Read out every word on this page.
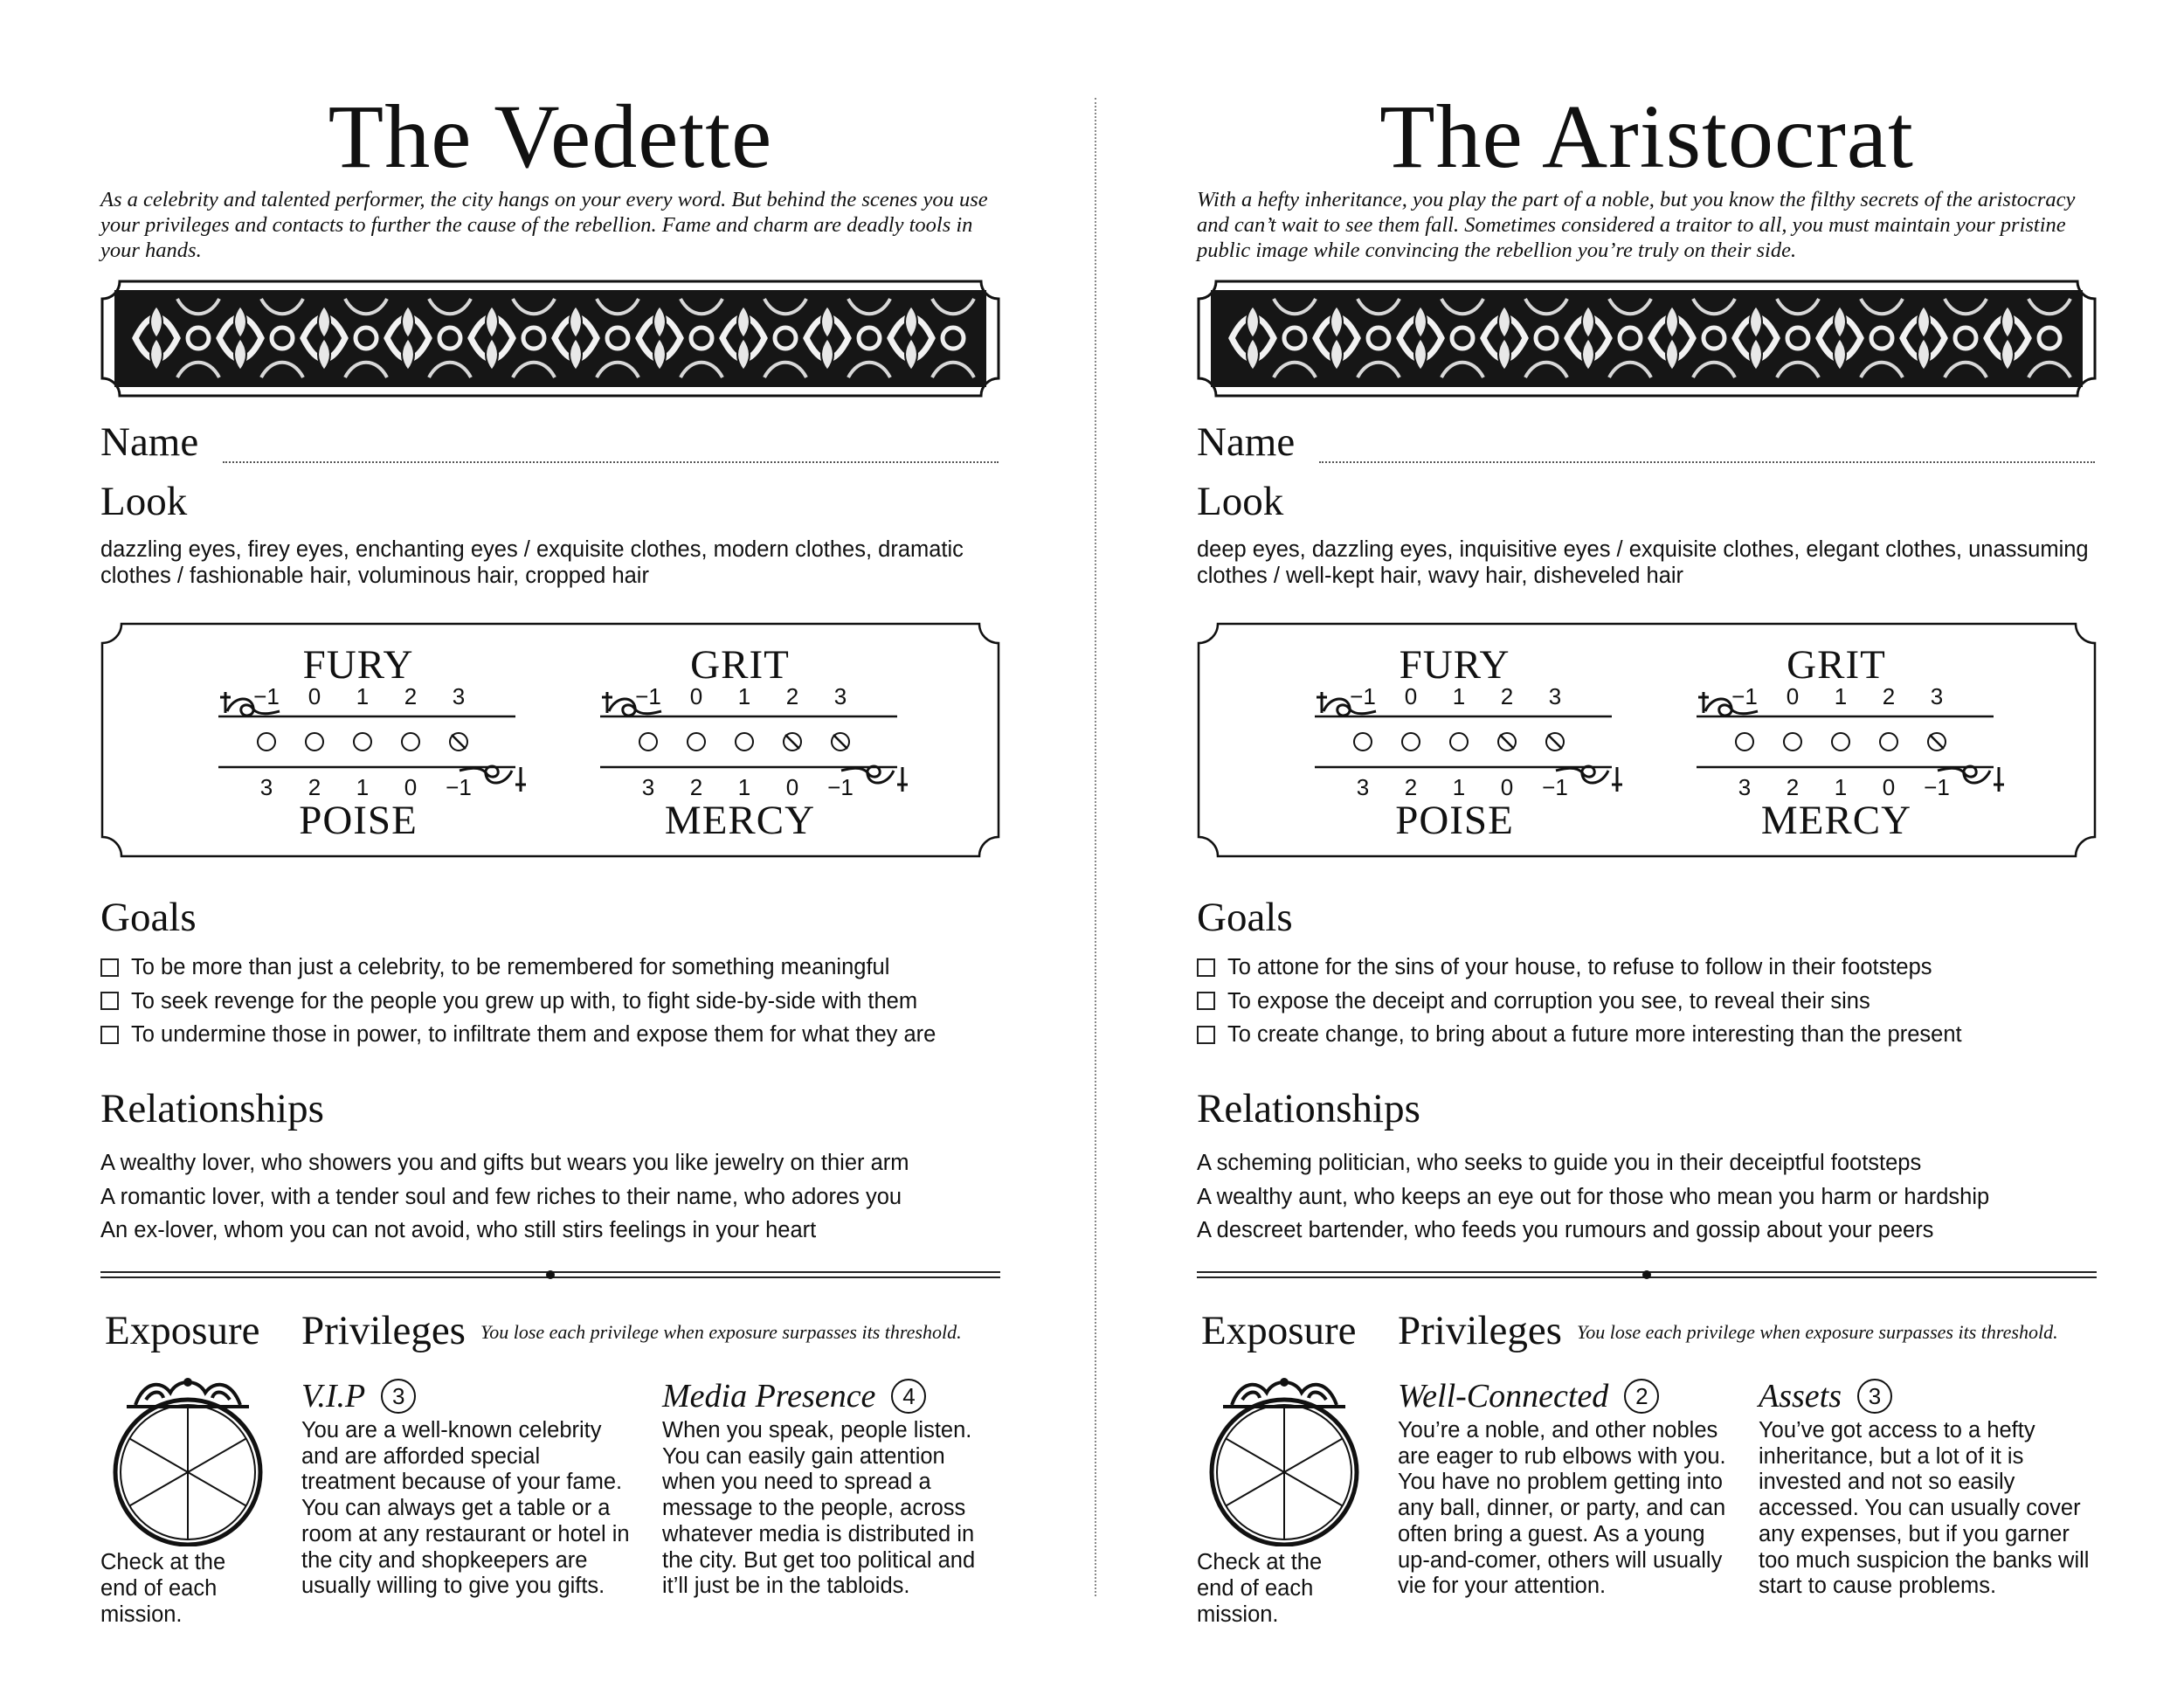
The Vedette
As a celebrity and talented performer, the city hangs on your every word. But behind the scenes you use your privileges and contacts to further the cause of the rebellion. Fame and charm are deadly tools in your hands.
Name
Look
dazzling eyes, firey eyes, enchanting eyes / exquisite clothes, modern clothes, dramatic clothes / fashionable hair, voluminous hair, cropped hair
FURY
POISE
−1	0	1	2	3
3	2	1	0	−1
GRIT
MERCY
−1	0	1	2	3
3	2	1	0	−1
Goals
To be more than just a celebrity, to be remembered for something meaningful
To seek revenge for the people you grew up with, to fight side-by-side with them
To undermine those in power, to infiltrate them and expose them for what they are
Relationships
A wealthy lover, who showers you and gifts but wears you like jewelry on thier arm
A romantic lover, with a tender soul and few riches to their name, who adores you
An ex-lover, whom you can not avoid, who still stirs feelings in your heart
Exposure
Check at the end of each mission.
Privileges You lose each privilege when exposure surpasses its threshold.
V.I.P	3
You are a well-known celebrity and are afforded special treatment because of your fame. You can always get a table or a room at any restaurant or hotel in the city and shopkeepers are usually willing to give you gifts.
Media Presence	4
When you speak, people listen. You can easily gain attention when you need to spread a message to the people, across whatever media is distributed in the city. But get too political and it’ll just be in the tabloids.
The Aristocrat
With a hefty inheritance, you play the part of a noble, but you know the filthy secrets of the aristocracy and can’t wait to see them fall. Sometimes considered a traitor to all, you must maintain your pristine public image while convincing the rebellion you’re truly on their side.
Name
Look
deep eyes, dazzling eyes, inquisitive eyes / exquisite clothes, elegant clothes, unassuming clothes / well-kept hair, wavy hair, disheveled hair
FURY
POISE
−1	0	1	2	3
3	2	1	0	−1
GRIT
MERCY
−1	0	1	2	3
3	2	1	0	−1
Goals
To attone for the sins of your house, to refuse to follow in their footsteps
To expose the deceipt and corruption you see, to reveal their sins
To create change, to bring about a future more interesting than the present
Relationships
A scheming politician, who seeks to guide you in their deceiptful footsteps
A wealthy aunt, who keeps an eye out for those who mean you harm or hardship
A descreet bartender, who feeds you rumours and gossip about your peers
Exposure
Check at the end of each mission.
Privileges You lose each privilege when exposure surpasses its threshold.
Well-Connected	2
You’re a noble, and other nobles are eager to rub elbows with you. You have no problem getting into any ball, dinner, or party, and can often bring a guest. As a young up-and-comer, others will usually vie for your attention.
Assets	3
You’ve got access to a hefty inheritance, but a lot of it is invested and not so easily accessed. You can usually cover any expenses, but if you garner too much suspicion the banks will start to cause problems.
